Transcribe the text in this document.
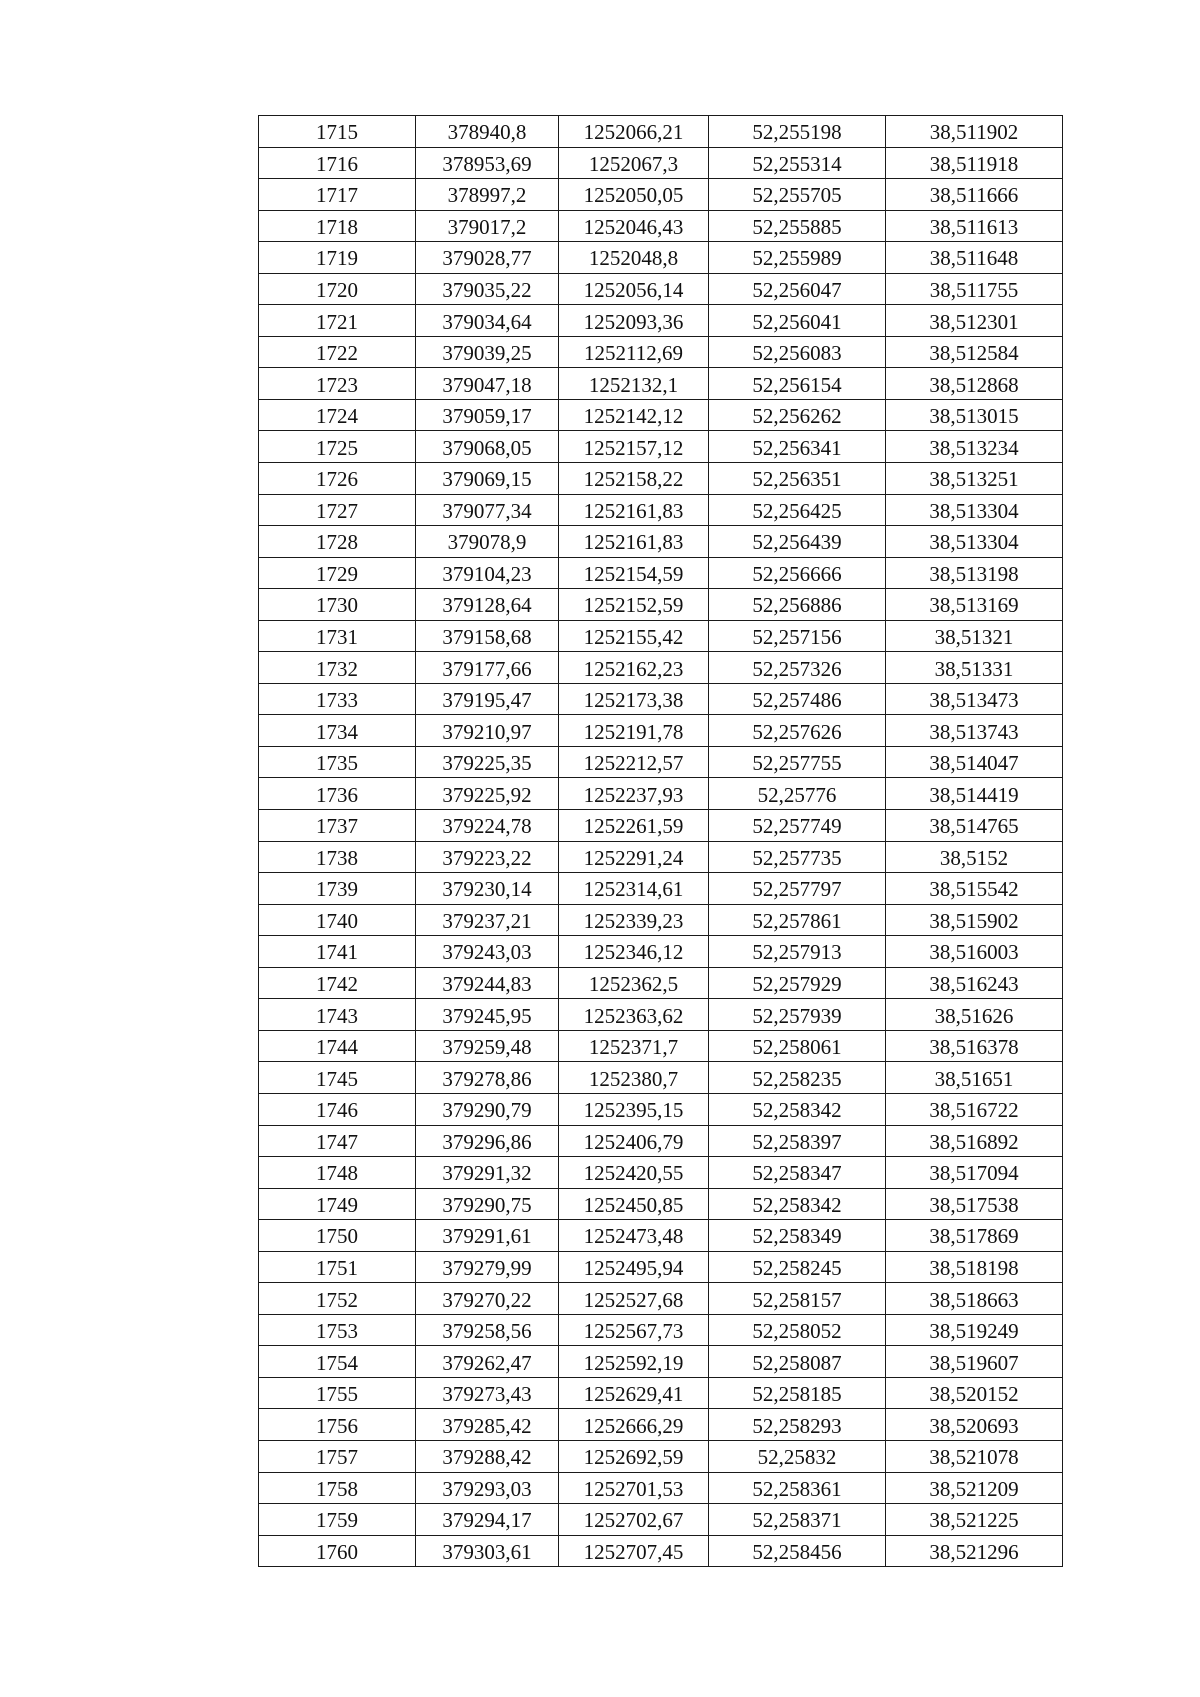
1715	378940,8	1252066,21	52,255198	38,511902
1716	378953,69	1252067,3	52,255314	38,511918
1717	378997,2	1252050,05	52,255705	38,511666
1718	379017,2	1252046,43	52,255885	38,511613
1719	379028,77	1252048,8	52,255989	38,511648
1720	379035,22	1252056,14	52,256047	38,511755
1721	379034,64	1252093,36	52,256041	38,512301
1722	379039,25	1252112,69	52,256083	38,512584
1723	379047,18	1252132,1	52,256154	38,512868
1724	379059,17	1252142,12	52,256262	38,513015
1725	379068,05	1252157,12	52,256341	38,513234
1726	379069,15	1252158,22	52,256351	38,513251
1727	379077,34	1252161,83	52,256425	38,513304
1728	379078,9	1252161,83	52,256439	38,513304
1729	379104,23	1252154,59	52,256666	38,513198
1730	379128,64	1252152,59	52,256886	38,513169
1731	379158,68	1252155,42	52,257156	38,51321
1732	379177,66	1252162,23	52,257326	38,51331
1733	379195,47	1252173,38	52,257486	38,513473
1734	379210,97	1252191,78	52,257626	38,513743
1735	379225,35	1252212,57	52,257755	38,514047
1736	379225,92	1252237,93	52,25776	38,514419
1737	379224,78	1252261,59	52,257749	38,514765
1738	379223,22	1252291,24	52,257735	38,5152
1739	379230,14	1252314,61	52,257797	38,515542
1740	379237,21	1252339,23	52,257861	38,515902
1741	379243,03	1252346,12	52,257913	38,516003
1742	379244,83	1252362,5	52,257929	38,516243
1743	379245,95	1252363,62	52,257939	38,51626
1744	379259,48	1252371,7	52,258061	38,516378
1745	379278,86	1252380,7	52,258235	38,51651
1746	379290,79	1252395,15	52,258342	38,516722
1747	379296,86	1252406,79	52,258397	38,516892
1748	379291,32	1252420,55	52,258347	38,517094
1749	379290,75	1252450,85	52,258342	38,517538
1750	379291,61	1252473,48	52,258349	38,517869
1751	379279,99	1252495,94	52,258245	38,518198
1752	379270,22	1252527,68	52,258157	38,518663
1753	379258,56	1252567,73	52,258052	38,519249
1754	379262,47	1252592,19	52,258087	38,519607
1755	379273,43	1252629,41	52,258185	38,520152
1756	379285,42	1252666,29	52,258293	38,520693
1757	379288,42	1252692,59	52,25832	38,521078
1758	379293,03	1252701,53	52,258361	38,521209
1759	379294,17	1252702,67	52,258371	38,521225
1760	379303,61	1252707,45	52,258456	38,521296
